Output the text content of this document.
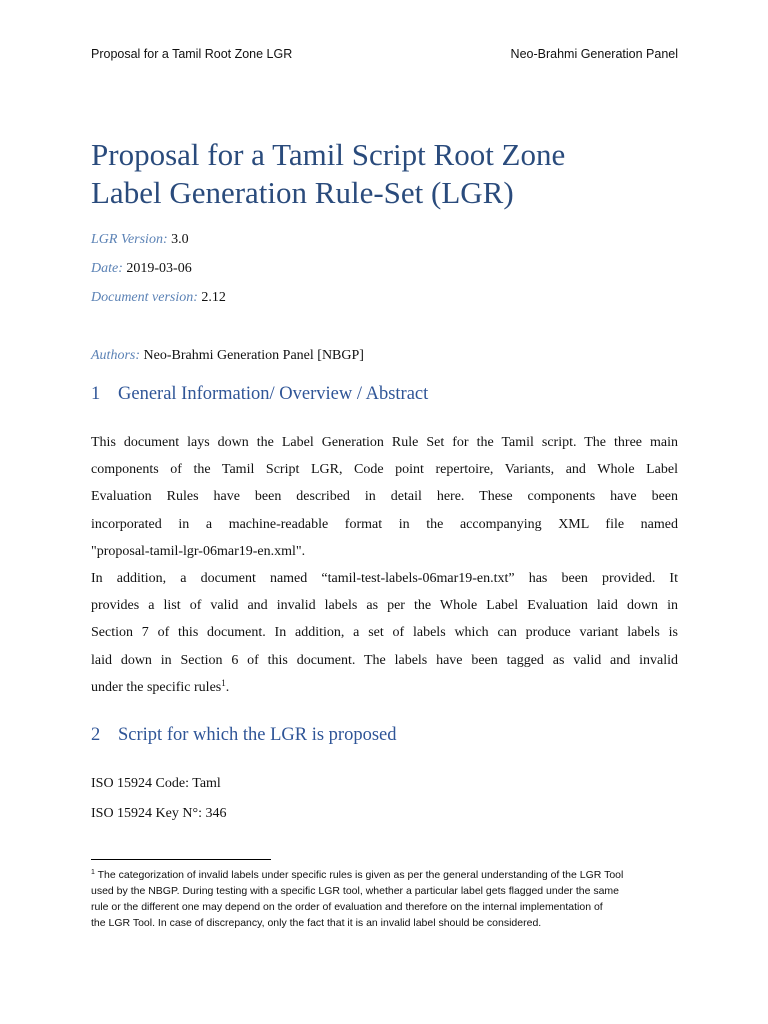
Proposal for a Tamil Root Zone LGR	Neo-Brahmi Generation Panel
Proposal for a Tamil Script Root Zone
Label Generation Rule-Set (LGR)
LGR Version: 3.0
Date: 2019-03-06
Document version: 2.12
Authors: Neo-Brahmi Generation Panel [NBGP]
1 General Information/ Overview / Abstract
This document lays down the Label Generation Rule Set for the Tamil script. The three main
components of the Tamil Script LGR, Code point repertoire, Variants, and Whole Label
Evaluation Rules have been described in detail here. These components have been
incorporated in a machine-readable format in the accompanying XML file named
"proposal-tamil-lgr-06mar19-en.xml".
In addition, a document named “tamil-test-labels-06mar19-en.txt” has been provided. It
provides a list of valid and invalid labels as per the Whole Label Evaluation laid down in
Section 7 of this document. In addition, a set of labels which can produce variant labels is
laid down in Section 6 of this document. The labels have been tagged as valid and invalid
under the specific rules$^1$.
2 Script for which the LGR is proposed
ISO 15924 Code: Taml
ISO 15924 Key N°: 346
$^1$ The categorization of invalid labels under specific rules is given as per the general understanding of the LGR Tool
used by the NBGP. During testing with a specific LGR tool, whether a particular label gets flagged under the same
rule or the different one may depend on the order of evaluation and therefore on the internal implementation of
the LGR Tool. In case of discrepancy, only the fact that it is an invalid label should be considered.
